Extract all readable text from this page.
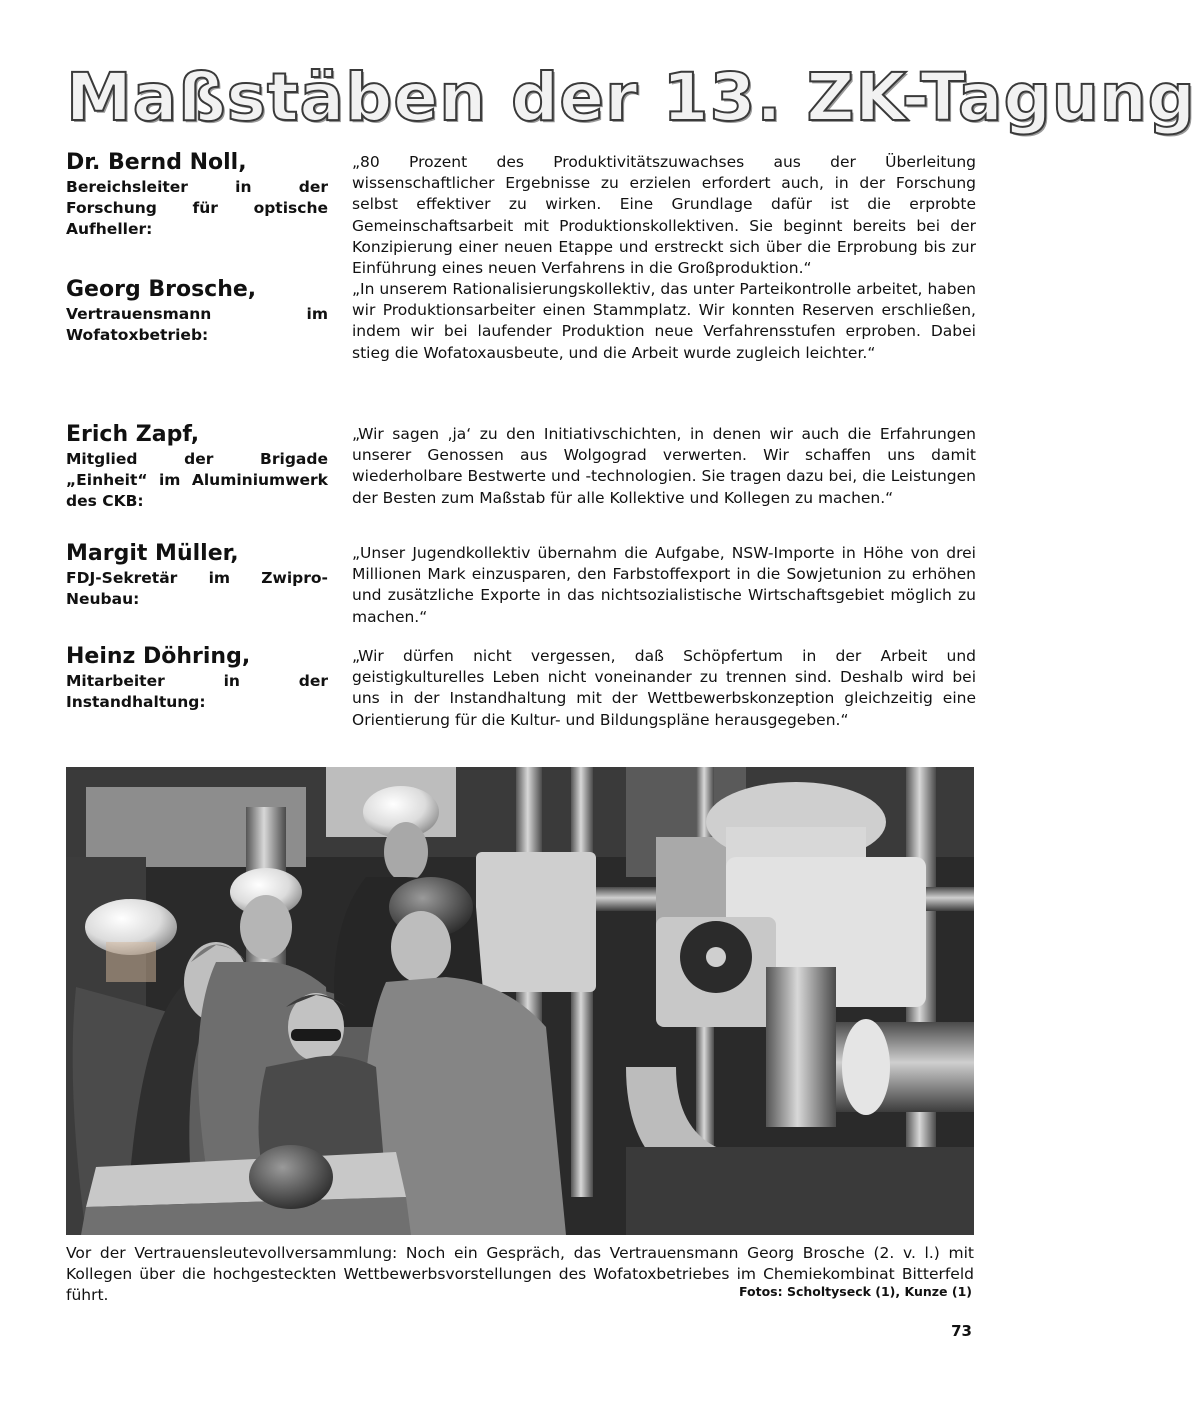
Maßstäben der 13. ZK-Tagung
Dr. Bernd Noll,
Bereichsleiter in der Forschung für optische Aufheller:
„80 Prozent des Produktivitätszuwachses aus der Überleitung wissenschaftlicher Ergebnisse zu erzielen erfordert auch, in der Forschung selbst effektiver zu wirken. Eine Grundlage dafür ist die erprobte Gemeinschaftsarbeit mit Produktionskollektiven. Sie beginnt bereits bei der Konzipierung einer neuen Etappe und erstreckt sich über die Erprobung bis zur Einführung eines neuen Verfahrens in die Großproduktion.“
Georg Brosche,
Vertrauensmann im Wofatoxbetrieb:
„In unserem Rationalisierungskollektiv, das unter Parteikontrolle arbeitet, haben wir Produktionsarbeiter einen Stammplatz. Wir konnten Reserven erschließen, indem wir bei laufender Produktion neue Verfahrensstufen erproben. Dabei stieg die Wofatoxausbeute, und die Arbeit wurde zugleich leichter.“
Erich Zapf,
Mitglied der Brigade „Einheit“ im Aluminiumwerk des CKB:
„Wir sagen ‚ja‘ zu den Initiativschichten, in denen wir auch die Erfahrungen unserer Genossen aus Wolgograd verwerten. Wir schaffen uns damit wiederholbare Bestwerte und -technologien. Sie tragen dazu bei, die Leistungen der Besten zum Maßstab für alle Kollektive und Kollegen zu machen.“
Margit Müller,
FDJ-Sekretär im Zwipro-Neubau:
„Unser Jugendkollektiv übernahm die Aufgabe, NSW-Importe in Höhe von drei Millionen Mark einzusparen, den Farbstoffexport in die Sowjetunion zu erhöhen und zusätzliche Exporte in das nichtsozialistische Wirtschaftsgebiet möglich zu machen.“
Heinz Döhring,
Mitarbeiter in der Instandhaltung:
„Wir dürfen nicht vergessen, daß Schöpfertum in der Arbeit und geistigkulturelles Leben nicht voneinander zu trennen sind. Deshalb wird bei uns in der Instandhaltung mit der Wettbewerbskonzeption gleichzeitig eine Orientierung für die Kultur- und Bildungspläne herausgegeben.“
Vor der Vertrauensleutevollversammlung: Noch ein Gespräch, das Vertrauensmann Georg Brosche (2. v. l.) mit Kollegen über die hochgesteckten Wettbewerbsvorstellungen des Wofatoxbetriebes im Chemiekombinat Bitterfeld führt.	Fotos: Scholtyseck (1), Kunze (1)
73
